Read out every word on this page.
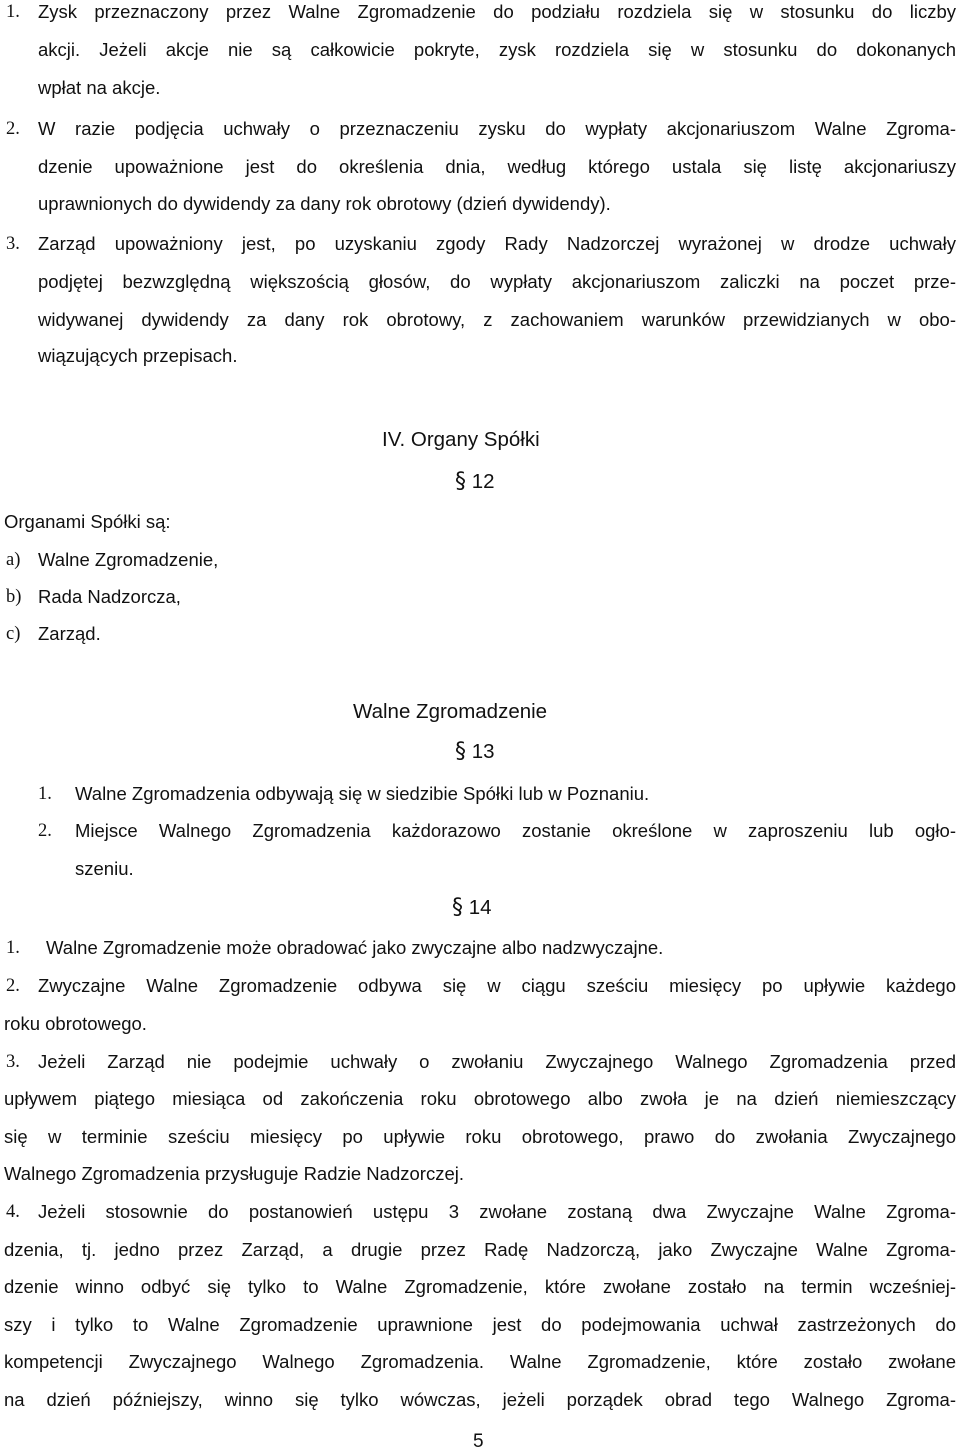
1. Zysk przeznaczony przez Walne Zgromadzenie do podziału rozdziela się w stosunku do liczby
akcji. Jeżeli akcje nie są całkowicie pokryte, zysk rozdziela się w stosunku do dokonanych
wpłat na akcje.
2. W razie podjęcia uchwały o przeznaczeniu zysku do wypłaty akcjonariuszom Walne Zgroma-
dzenie upoważnione jest do określenia dnia, według którego ustala się listę akcjonariuszy
uprawnionych do dywidendy za dany rok obrotowy (dzień dywidendy).
3. Zarząd upoważniony jest, po uzyskaniu zgody Rady Nadzorczej wyrażonej w drodze uchwały
podjętej bezwzględną większością głosów, do wypłaty akcjonariuszom zaliczki na poczet prze-
widywanej dywidendy za dany rok obrotowy, z zachowaniem warunków przewidzianych w obo-
wiązujących przepisach.
IV. Organy Spółki
§ 12
Organami Spółki są:
a) Walne Zgromadzenie,
b) Rada Nadzorcza,
c) Zarząd.
Walne Zgromadzenie
§ 13
1. Walne Zgromadzenia odbywają się w siedzibie Spółki lub w Poznaniu.
2. Miejsce Walnego Zgromadzenia każdorazowo zostanie określone w zaproszeniu lub ogło-
szeniu.
§ 14
1. Walne Zgromadzenie może obradować jako zwyczajne albo nadzwyczajne.
2. Zwyczajne Walne Zgromadzenie odbywa się w ciągu sześciu miesięcy po upływie każdego
roku obrotowego.
3. Jeżeli Zarząd nie podejmie uchwały o zwołaniu Zwyczajnego Walnego Zgromadzenia przed
upływem piątego miesiąca od zakończenia roku obrotowego albo zwoła je na dzień niemieszczący
się w terminie sześciu miesięcy po upływie roku obrotowego, prawo do zwołania Zwyczajnego
Walnego Zgromadzenia przysługuje Radzie Nadzorczej.
4. Jeżeli stosownie do postanowień ustępu 3 zwołane zostaną dwa Zwyczajne Walne Zgroma-
dzenia, tj. jedno przez Zarząd, a drugie przez Radę Nadzorczą, jako Zwyczajne Walne Zgroma-
dzenie winno odbyć się tylko to Walne Zgromadzenie, które zwołane zostało na termin wcześniej-
szy i tylko to Walne Zgromadzenie uprawnione jest do podejmowania uchwał zastrzeżonych do
kompetencji Zwyczajnego Walnego Zgromadzenia. Walne Zgromadzenie, które zostało zwołane
na dzień późniejszy, winno się tylko wówczas, jeżeli porządek obrad tego Walnego Zgroma-
5
